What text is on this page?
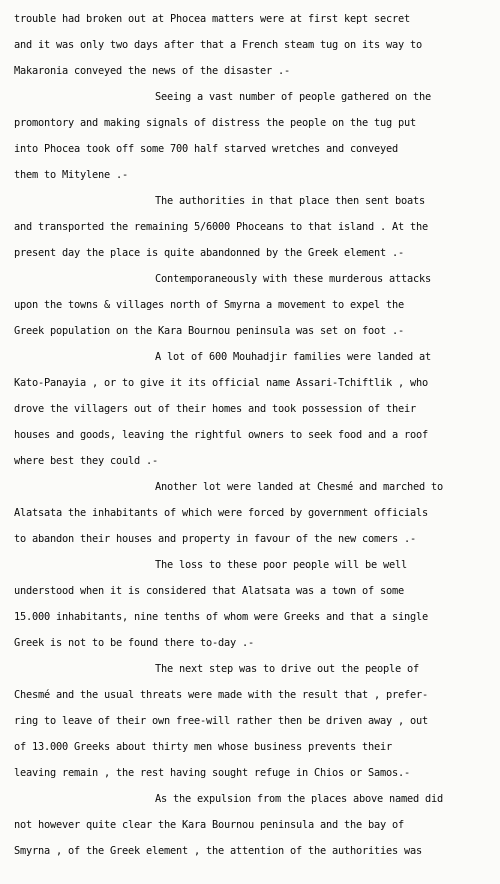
trouble had broken out at Phocea matters were at first kept secret
and it was only two days after that a French steam tug on its way to
Makaronia conveyed the news of the disaster .-
Seeing a vast number of people gathered on the
promontory and making signals of distress the people on the tug put
into Phocea took off some 700 half starved wretches and conveyed
them to Mitylene .-
The authorities in that place then sent boats
and transported the remaining 5/6000 Phoceans to that island . At the
present day the place is quite abandonned by the Greek element .-
Contemporaneously with these murderous attacks
upon the towns & villages north of Smyrna a movement to expel the
Greek population on the Kara Bournou peninsula was set on foot .-
A lot of 600 Mouhadjir families were landed at
Kato-Panayia , or to give it its official name Assari-Tchiftlik , who
drove the villagers out of their homes and took possession of their
houses and goods, leaving the rightful owners to seek food and a roof
where best they could .-
Another lot were landed at Chesmé and marched to
Alatsata the inhabitants of which were forced by government officials
to abandon their houses and property in favour of the new comers .-
The loss to these poor people will be well
understood when it is considered that Alatsata was a town of some
15.000 inhabitants, nine tenths of whom were Greeks and that a single
Greek is not to be found there to-day .-
The next step was to drive out the people of
Chesmé and the usual threats were made with the result that , prefer-
ring to leave of their own free-will rather then be driven away , out
of 13.000 Greeks about thirty men whose business prevents their
leaving remain , the rest having sought refuge in Chios or Samos.-
As the expulsion from the places above named did
not however quite clear the Kara Bournou peninsula and the bay of
Smyrna , of the Greek element , the attention of the authorities was
